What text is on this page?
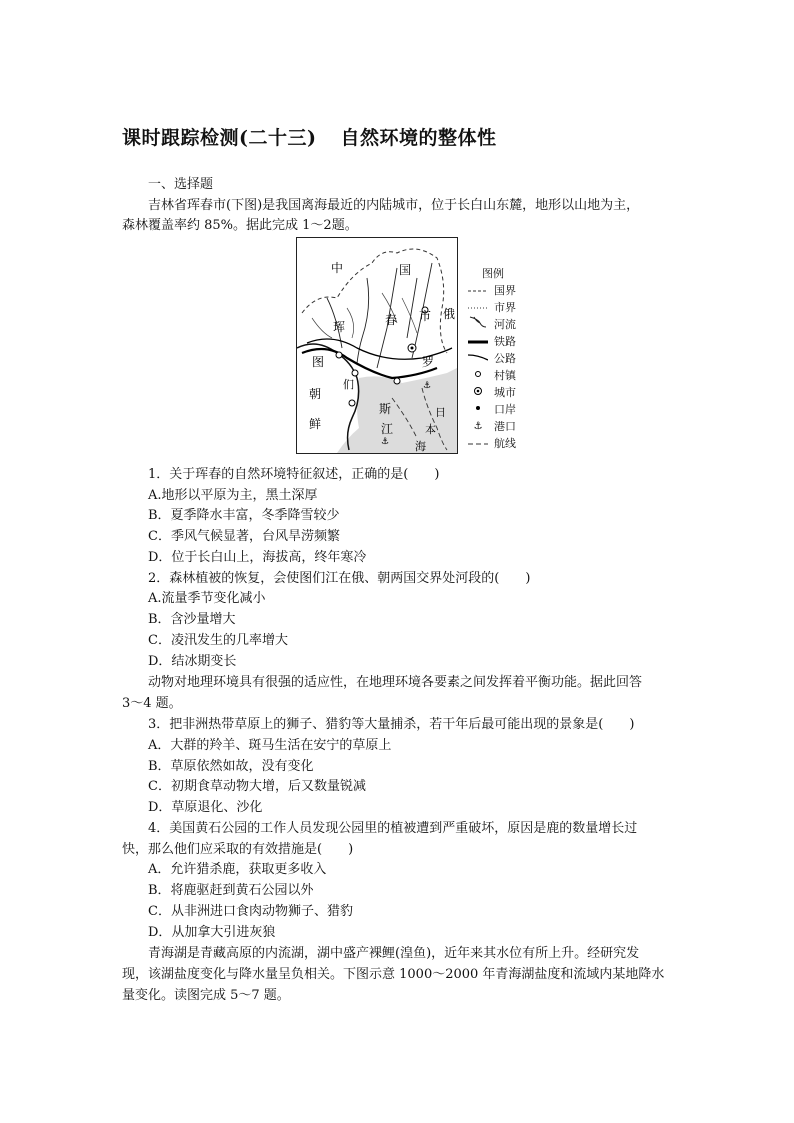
课时跟踪检测(二十三) 自然环境的整体性
一、选择题
吉林省珲春市(下图)是我国离海最近的内陆城市，位于长白山东麓，地形以山地为主，
森林覆盖率约 85%。据此完成 1～2题。
⚓
⚓
中	国
俄
珲	春 市
罗
图
们
朝
鲜
斯
江
日
本
海
图例
国界
市界
河流
铁路
公路
村镇
城市
口岸
⚓	港口
航线
1．关于珲春的自然环境特征叙述，正确的是(　　)
A.地形以平原为主，黑土深厚
B．夏季降水丰富，冬季降雪较少
C．季风气候显著，台风旱涝频繁
D．位于长白山上，海拔高，终年寒冷
2．森林植被的恢复，会使图们江在俄、朝两国交界处河段的(　　)
A.流量季节变化减小
B．含沙量增大
C．凌汛发生的几率增大
D．结冰期变长
动物对地理环境具有很强的适应性，在地理环境各要素之间发挥着平衡功能。据此回答
3～4 题。
3．把非洲热带草原上的狮子、猎豹等大量捕杀，若干年后最可能出现的景象是(　　)
A．大群的羚羊、斑马生活在安宁的草原上
B．草原依然如故，没有变化
C．初期食草动物大增，后又数量锐减
D．草原退化、沙化
4．美国黄石公园的工作人员发现公园里的植被遭到严重破坏，原因是鹿的数量增长过
快，那么他们应采取的有效措施是(　　)
A．允许猎杀鹿，获取更多收入
B．将鹿驱赶到黄石公园以外
C．从非洲进口食肉动物狮子、猎豹
D．从加拿大引进灰狼
青海湖是青藏高原的内流湖，湖中盛产裸鲤(湟鱼)，近年来其水位有所上升。经研究发
现，该湖盐度变化与降水量呈负相关。下图示意 1000～2000 年青海湖盐度和流域内某地降水
量变化。读图完成 5～7 题。
